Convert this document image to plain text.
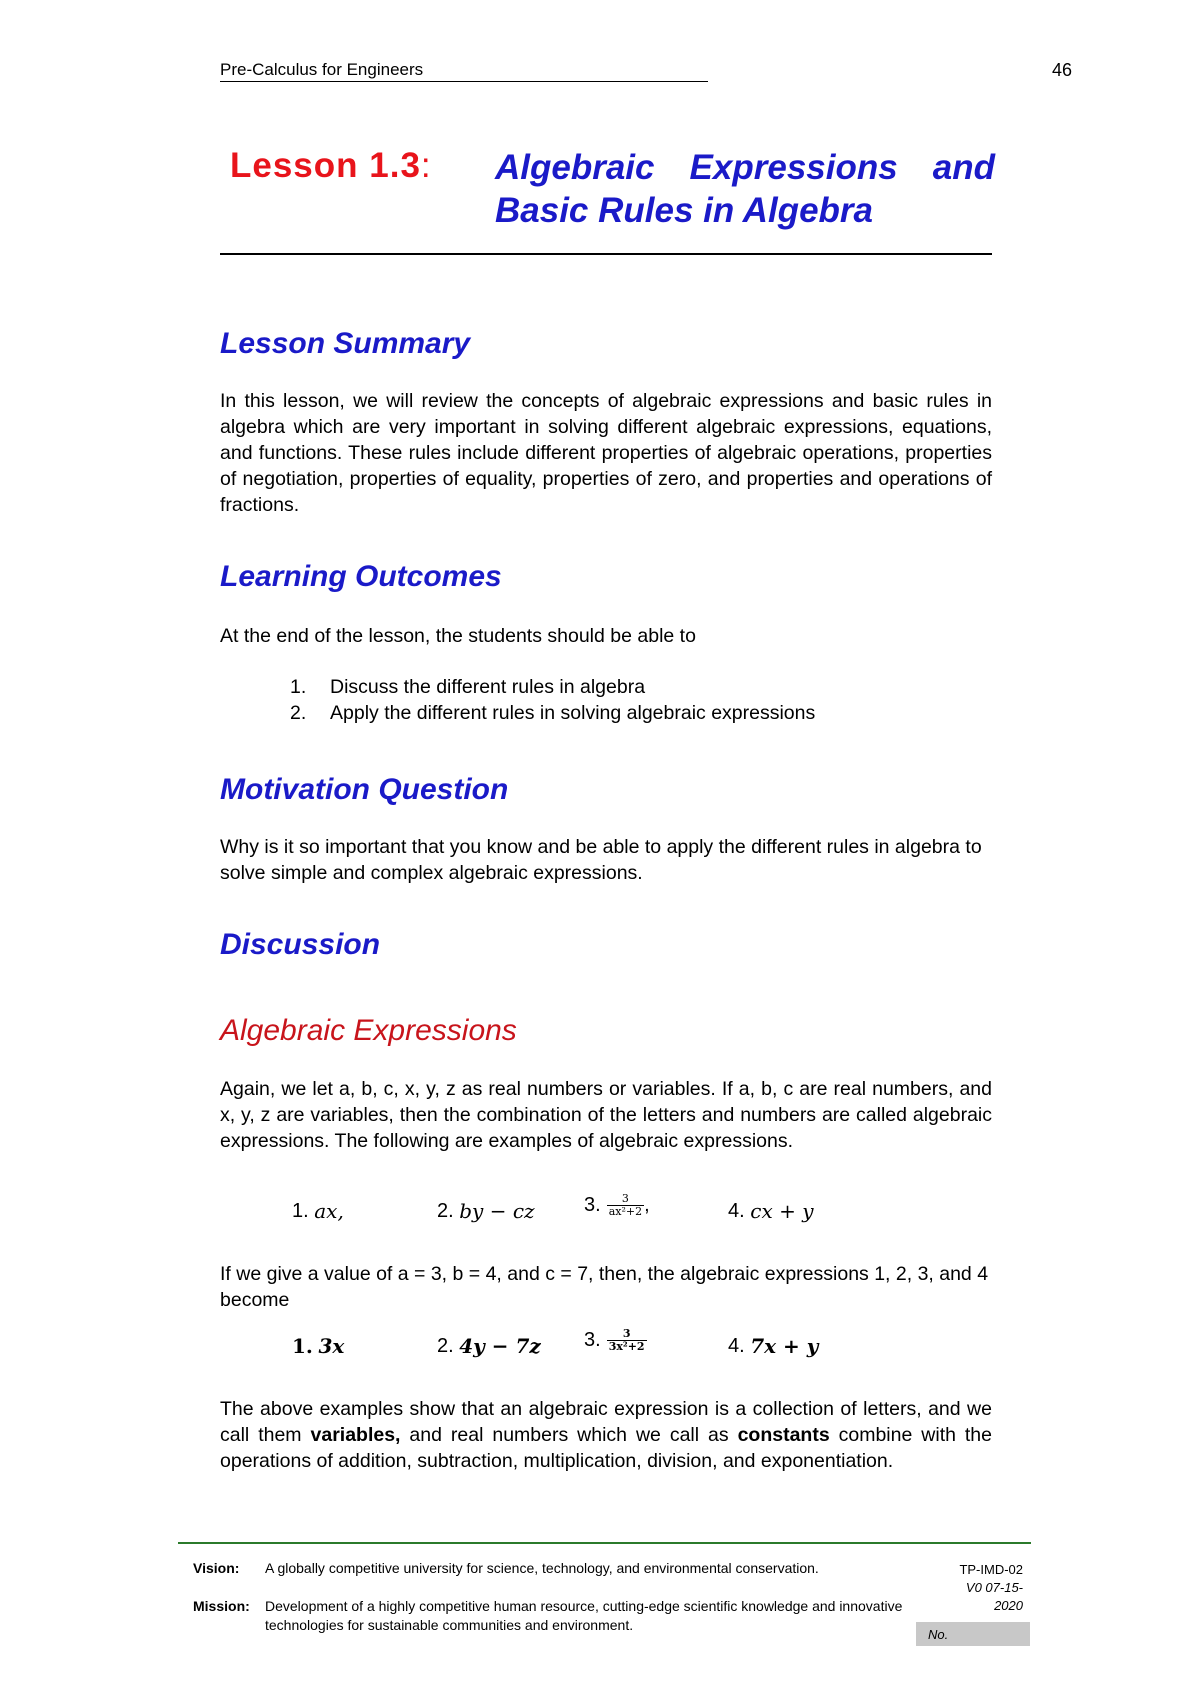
Pre-Calculus for Engineers	46
Lesson 1.3: Algebraic Expressions and
Basic Rules in Algebra
Lesson Summary
In this lesson, we will review the concepts of algebraic expressions and basic rules in algebra which are very important in solving different algebraic expressions, equations, and functions. These rules include different properties of algebraic operations, properties of negotiation, properties of equality, properties of zero, and properties and operations of fractions.
Learning Outcomes
At the end of the lesson, the students should be able to
1.	Discuss the different rules in algebra
2.	Apply the different rules in solving algebraic expressions
Motivation Question
Why is it so important that you know and be able to apply the different rules in algebra to solve simple and complex algebraic expressions.
Discussion
Algebraic Expressions
Again, we let a, b, c, x, y, z as real numbers or variables. If a, b, c are real numbers, and x, y, z are variables, then the combination of the letters and numbers are called algebraic expressions. The following are examples of algebraic expressions.
1.
ax,	2.
by − cz 3. $\frac{3}{\text{ax²+2}}$ ,	4.
cx + y
If we give a value of a = 3, b = 4, and c = 7, then, the algebraic expressions 1, 2, 3, and 4 become
1.
3x	2.
4y − 7z 3. $\frac{3}{\text{3x²+2}}$	4.
7x + y
The above examples show that an algebraic expression is a collection of letters, and we call them variables, and real numbers which we call as constants combine with the operations of addition, subtraction, multiplication, division, and exponentiation.
Vision: A globally competitive university for science, technology, and environmental conservation.
Mission: Development of a highly competitive human resource, cutting-edge scientific knowledge and innovative technologies for sustainable communities and environment.
TP-IMD-02
V0 07-15-
2020
No.
